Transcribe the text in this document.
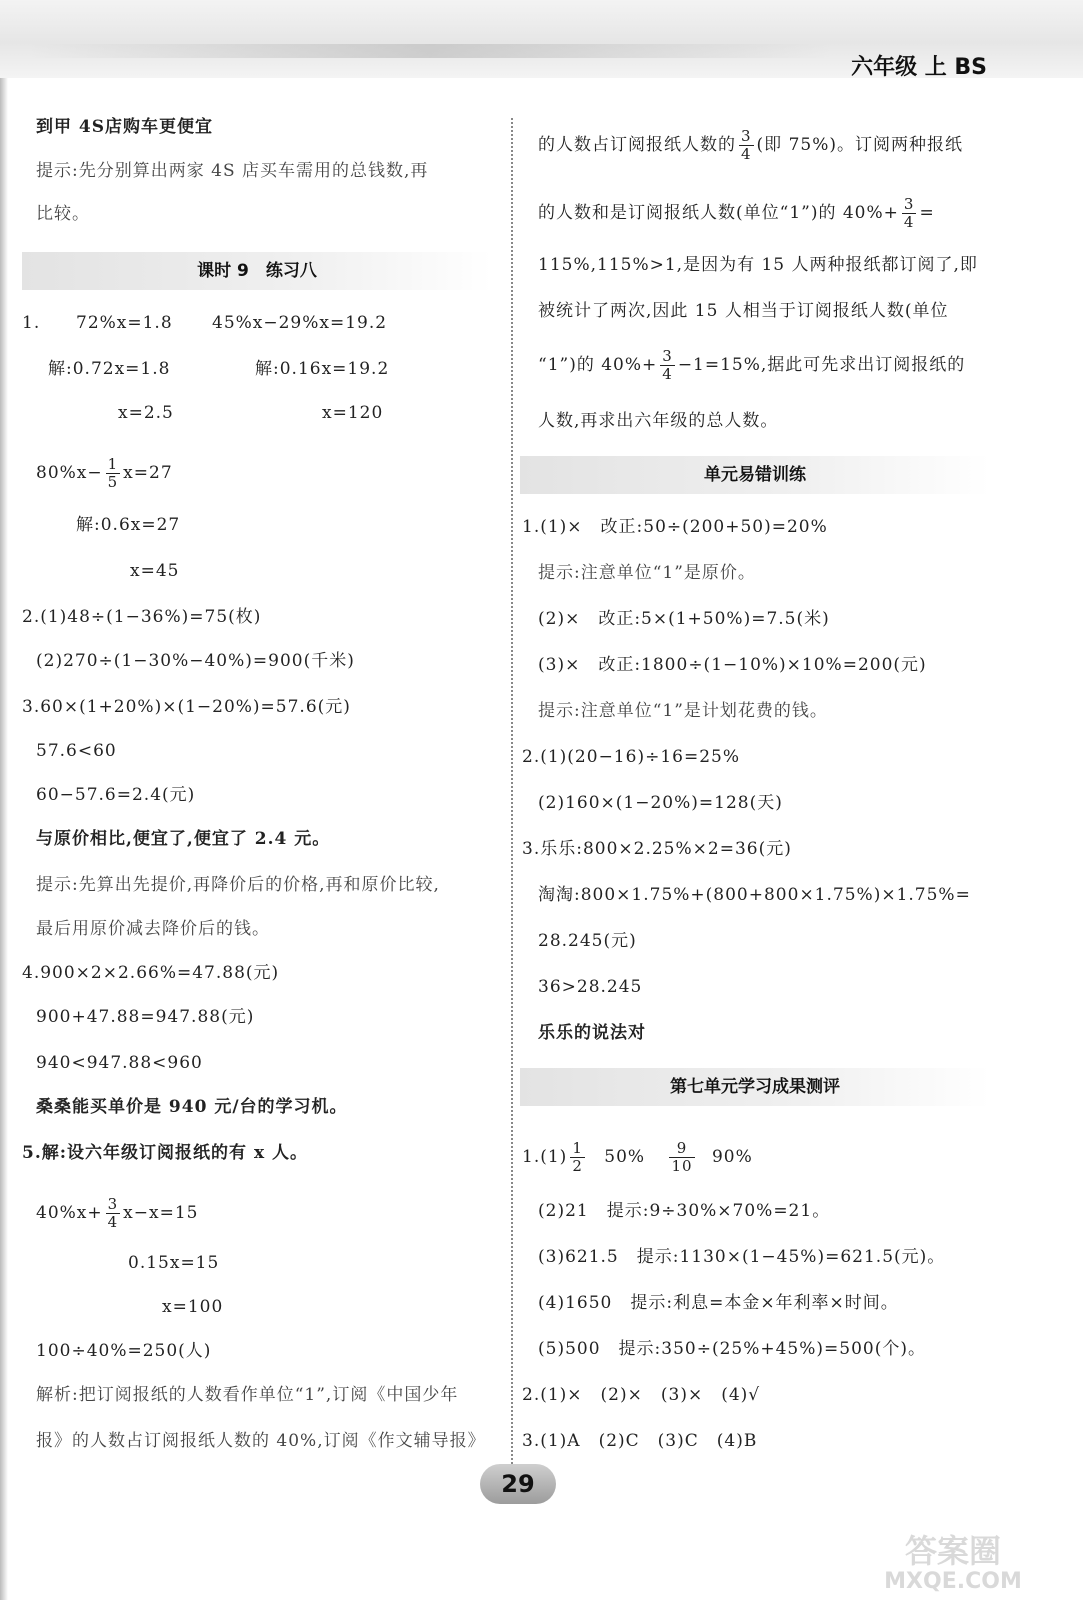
六年级 上 BS
到甲 4S店购车更便宜
提示:先分别算出两家 4S 店买车需用的总钱数,再
比较。
课时 9　练习八
1. 72%x=1.8 45%x−29%x=19.2
解:0.72x=1.8	解:0.16x=19.2
x=2.5	x=120
$80\%x- \frac{1}{5} x=27$
解:0.6x=27
x=45
2.(1)48÷(1−36%)=75(枚)
(2)270÷(1−30%−40%)=900(千米)
3.60×(1+20%)×(1−20%)=57.6(元)
57.6<60
60−57.6=2.4(元)
与原价相比,便宜了,便宜了 2.4 元。
提示:先算出先提价,再降价后的价格,再和原价比较,
最后用原价减去降价后的钱。
4.900×2×2.66%=47.88(元)
900+47.88=947.88(元)
940<947.88<960
桑桑能买单价是 940 元/台的学习机。
5.解:设六年级订阅报纸的有 x 人。
$40\%x+ \frac{3}{4} x-x=15$
0.15x=15
x=100
100÷40%=250(人)
解析:把订阅报纸的人数看作单位“1”,订阅《中国少年
报》的人数占订阅报纸人数的 40%,订阅《作文辅导报》
的人数占订阅报纸人数的 $\frac{3}{4}$ (即 75%)。订阅两种报纸
的人数和是订阅报纸人数(单位“1”)的 $40\%+ \frac{3}{4}$ =
115%,115%>1,是因为有 15 人两种报纸都订阅了,即
被统计了两次,因此 15 人相当于订阅报纸人数(单位
“1”)的 $40\%+ \frac{3}{4} -1=15\%$,据此可先求出订阅报纸的
人数,再求出六年级的总人数。
单元易错训练
1.(1)×　改正:50÷(200+50)=20%
提示:注意单位“1”是原价。
(2)×　改正:5×(1+50%)=7.5(米)
(3)×　改正:1800÷(1−10%)×10%=200(元)
提示:注意单位“1”是计划花费的钱。
2.(1)(20−16)÷16=25%
(2)160×(1−20%)=128(天)
3.乐乐:800×2.25%×2=36(元)
淘淘:800×1.75%+(800+800×1.75%)×1.75%=
28.245(元)
36>28.245
乐乐的说法对
第七单元学习成果测评
$1.(1) \frac{1}{2} 50\% \frac{9}{10} 90\%$
(2)21　提示:9÷30%×70%=21。
(3)621.5　提示:1130×(1−45%)=621.5(元)。
(4)1650　提示:利息=本金×年利率×时间。
(5)500　提示:350÷(25%+45%)=500(个)。
2.(1)×　(2)×　(3)×　(4)√
3.(1)A　(2)C　(3)C　(4)B
29
答案圈
MXQE.COM
